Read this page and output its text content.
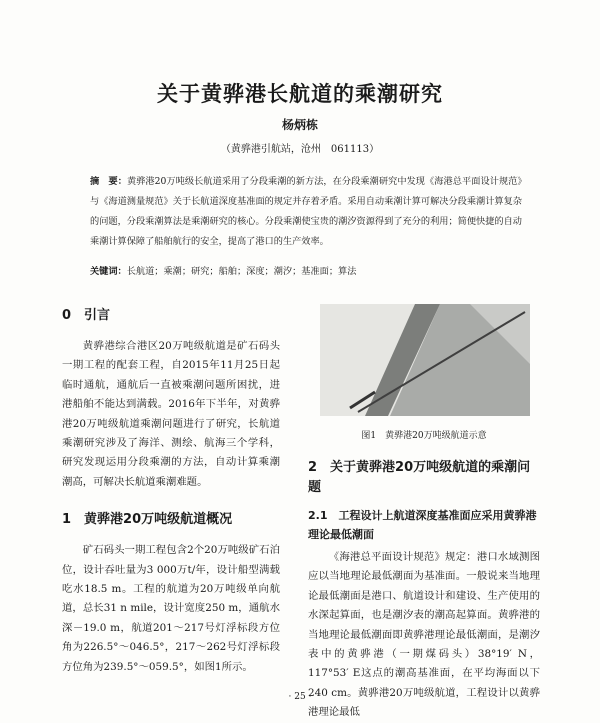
关于黄骅港长航道的乘潮研究
杨炳栋
（黄骅港引航站，沧州　061113）
摘　要：黄骅港20万吨级长航道采用了分段乘潮的新方法，在分段乘潮研究中发现《海港总平面设计规范》与《海道测量规范》关于长航道深度基准面的规定并存着矛盾。采用自动乘潮计算可解决分段乘潮计算复杂的问题，分段乘潮算法是乘潮研究的核心。分段乘潮使宝贵的潮汐资源得到了充分的利用；简便快捷的自动乘潮计算保障了船舶航行的安全，提高了港口的生产效率。
关键词：长航道；乘潮；研究；船舶；深度；潮汐；基准面；算法
0　引言

黄骅港综合港区20万吨级航道是矿石码头一期工程的配套工程，自2015年11月25日起临时通航，通航后一直被乘潮问题所困扰，进港船舶不能达到满载。2016年下半年，对黄骅港20万吨级航道乘潮问题进行了研究，长航道乘潮研究涉及了海洋、测绘、航海三个学科，研究发现运用分段乘潮的方法，自动计算乘潮潮高，可解决长航道乘潮难题。

1　黄骅港20万吨级航道概况

矿石码头一期工程包含2个20万吨级矿石泊位，设计吞吐量为3 000万t/年，设计船型满载吃水18.5 m。工程的航道为20万吨级单向航道，总长31 n mile，设计宽度250 m，通航水深－19.0 m，航道201～217号灯浮标段方位角为226.5°～046.5°，217～262号灯浮标段方位角为239.5°～059.5°，如图1所示。

图1　黄骅港20万吨级航道示意
2　关于黄骅港20万吨级航道的乘潮问题
2.1　工程设计上航道深度基准面应采用黄骅港理论最低潮面

《海港总平面设计规范》规定：港口水域测图应以当地理论最低潮面为基准面。一般说来当地理论最低潮面是港口、航道设计和建设、生产使用的水深起算面，也是潮汐表的潮高起算面。黄骅港的当地理论最低潮面即黄骅港理论最低潮面，是潮汐表中的黄骅港（一期煤码头）38°19′ N，117°53′ E这点的潮高基准面，在平均海面以下240 cm。黄骅港20万吨级航道，工程设计以黄骅港理论最低

· 25 ·
